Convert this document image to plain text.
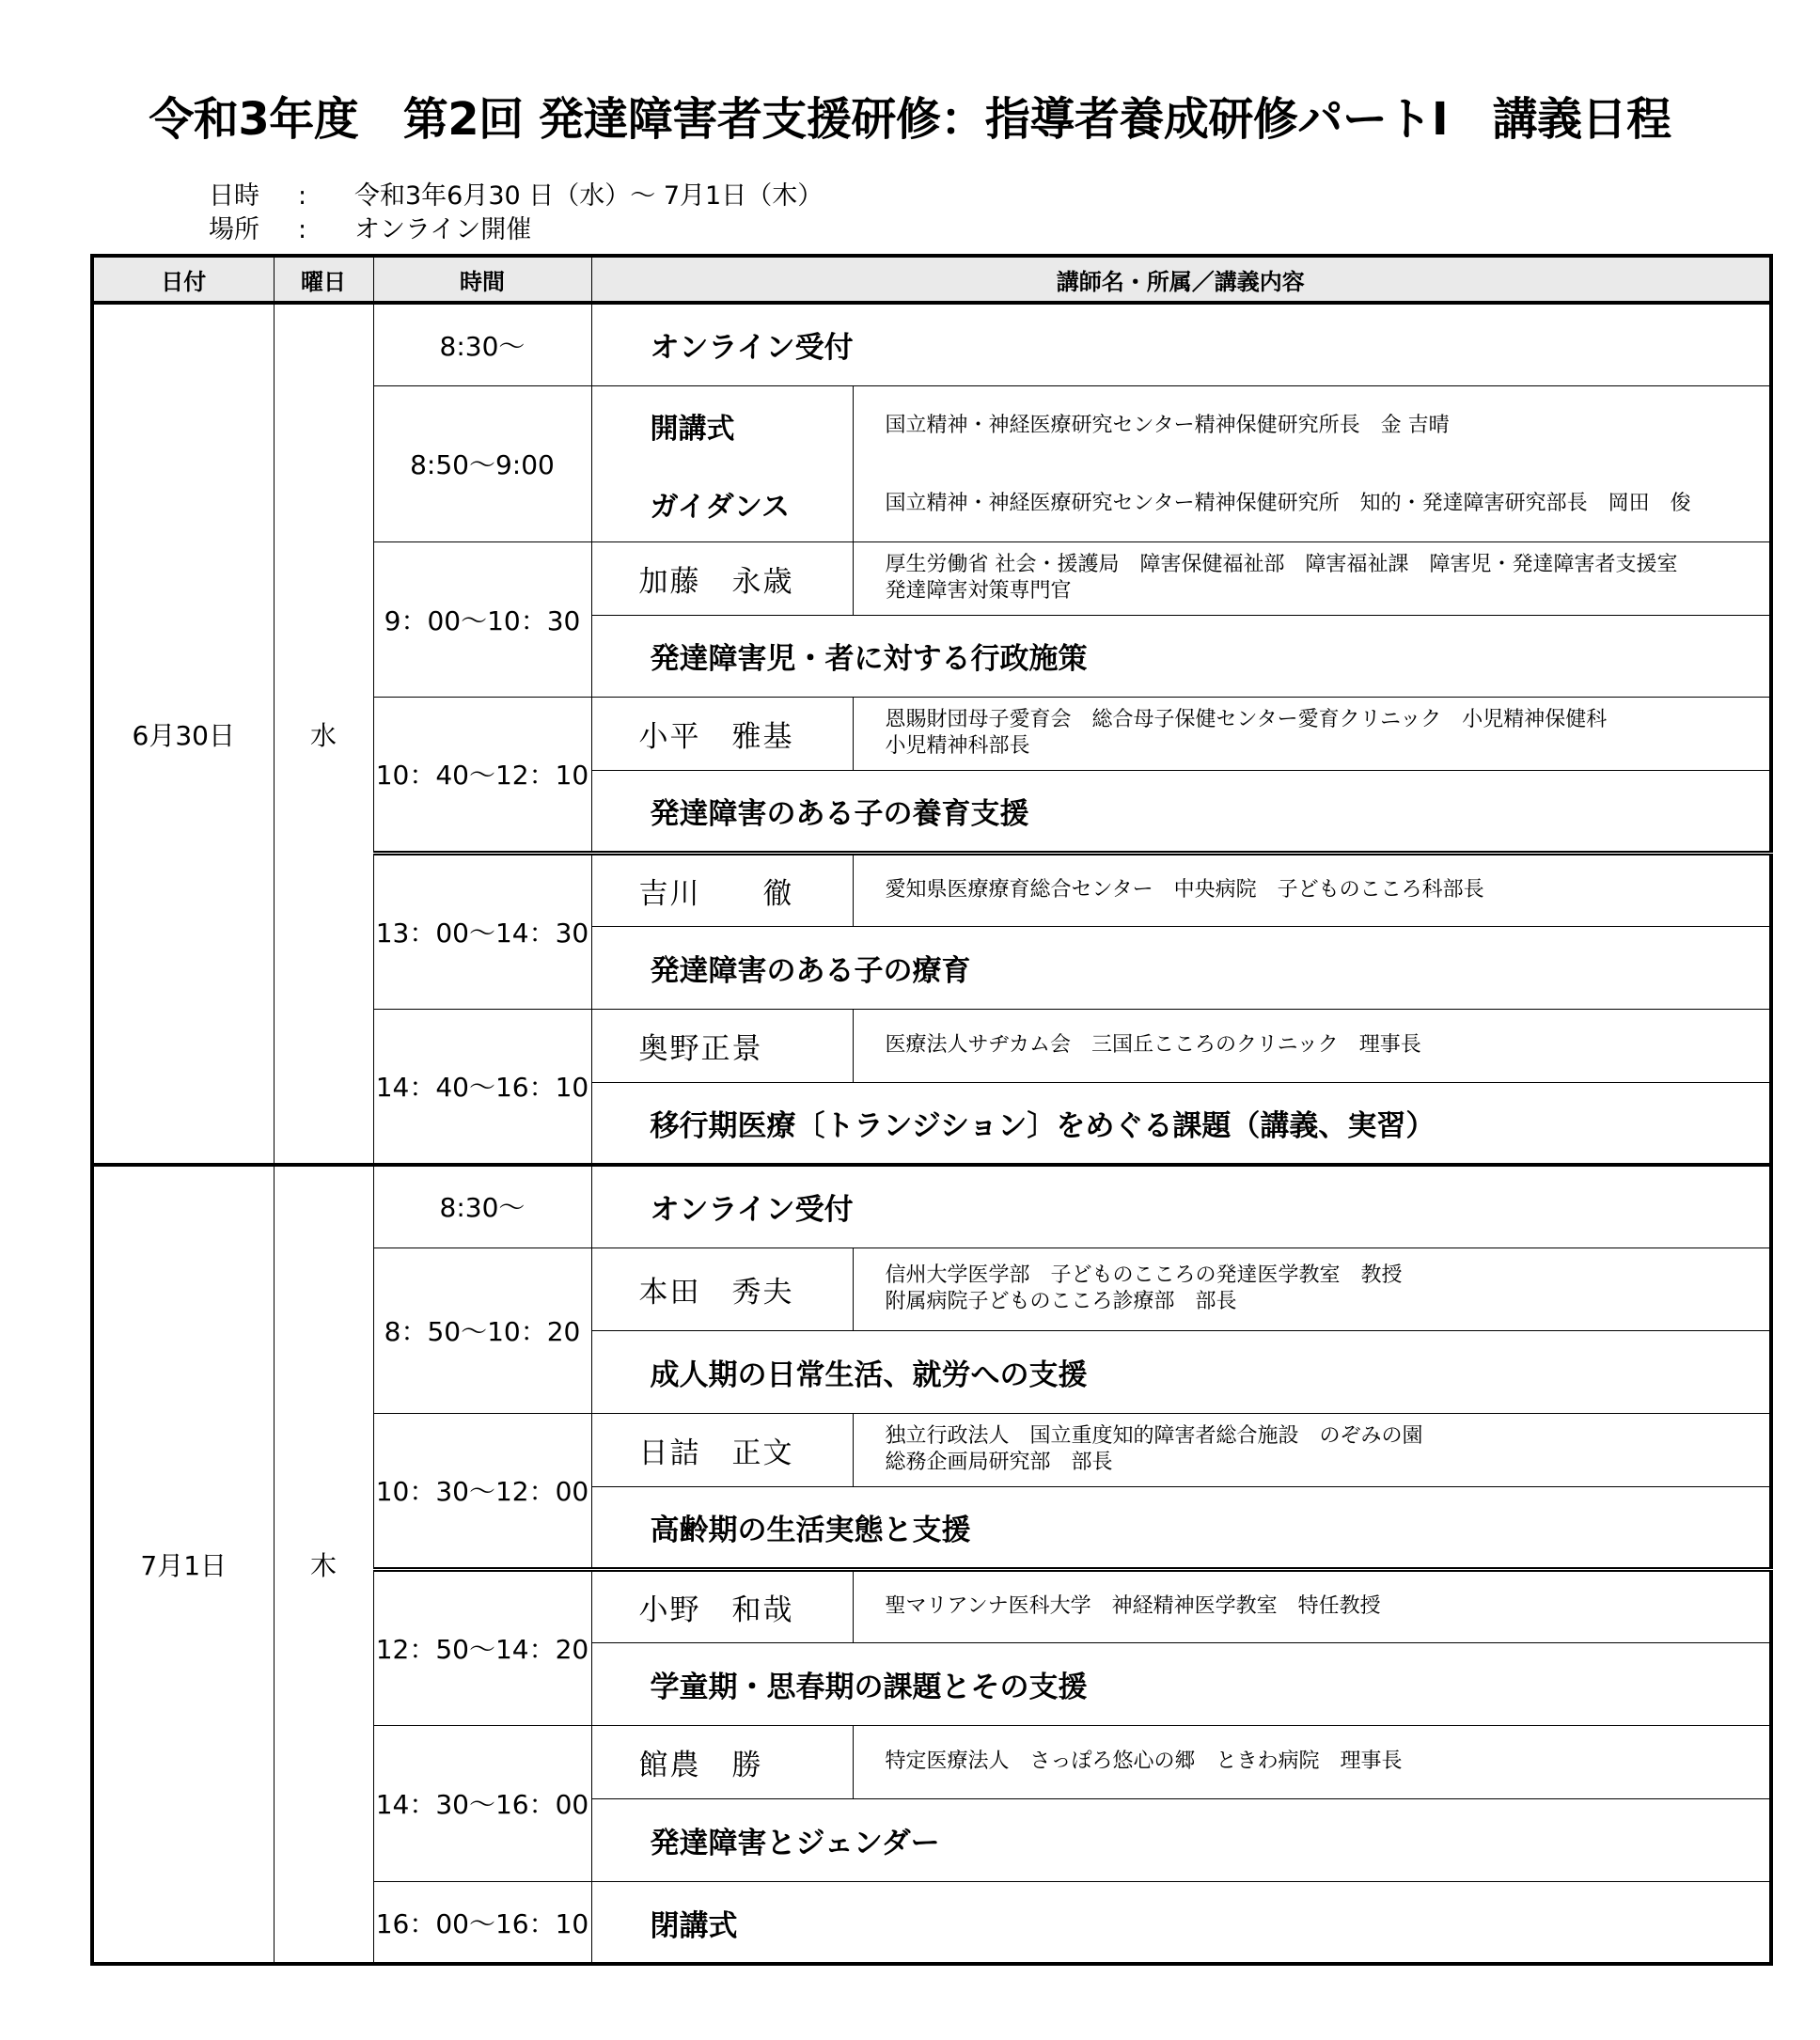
令和3年度　第2回 発達障害者支援研修：指導者養成研修パートⅠ　講義日程
日時 : 令和3年6月30 日（水）～ 7月1日（木）
場所 : オンライン開催
日付	曜日	時間	講師名・所属／講義内容	
6月30日	水	8:30～	オンライン受付	
		8:50～9:00	開講式	国立精神・神経医療研究センター精神保健研究所長　金 吉晴
			ガイダンス	国立精神・神経医療研究センター精神保健研究所　知的・発達障害研究部長　岡田　俊
		9：00～10：30	加藤　永歳	厚生労働省 社会・援護局　障害保健福祉部　障害福祉課　障害児・発達障害者支援室
発達障害対策専門官

			発達障害児・者に対する行政施策	
		10：40～12：10	小平　雅基	恩賜財団母子愛育会　総合母子保健センター愛育クリニック　小児精神保健科
小児精神科部長

			発達障害のある子の養育支援	
		13：00～14：30	吉川　　徹	愛知県医療療育総合センター　中央病院　子どものこころ科部長
			発達障害のある子の療育	
		14：40～16：10	奥野正景	医療法人サヂカム会　三国丘こころのクリニック　理事長
			移行期医療〔トランジション〕をめぐる課題（講義、実習）	

7月1日	木	8:30～	オンライン受付	
		8：50～10：20	本田　秀夫	信州大学医学部　子どものこころの発達医学教室　教授
附属病院子どものこころ診療部　部長

			成人期の日常生活、就労への支援	
		10：30～12：00	日詰　正文	独立行政法人　国立重度知的障害者総合施設　のぞみの園
総務企画局研究部　部長

			高齢期の生活実態と支援	
		12：50～14：20	小野　和哉	聖マリアンナ医科大学　神経精神医学教室　特任教授
			学童期・思春期の課題とその支援	
		14：30～16：00	館農　勝	特定医療法人　さっぽろ悠心の郷　ときわ病院　理事長
			発達障害とジェンダー	
		16：00～16：10	閉講式	
